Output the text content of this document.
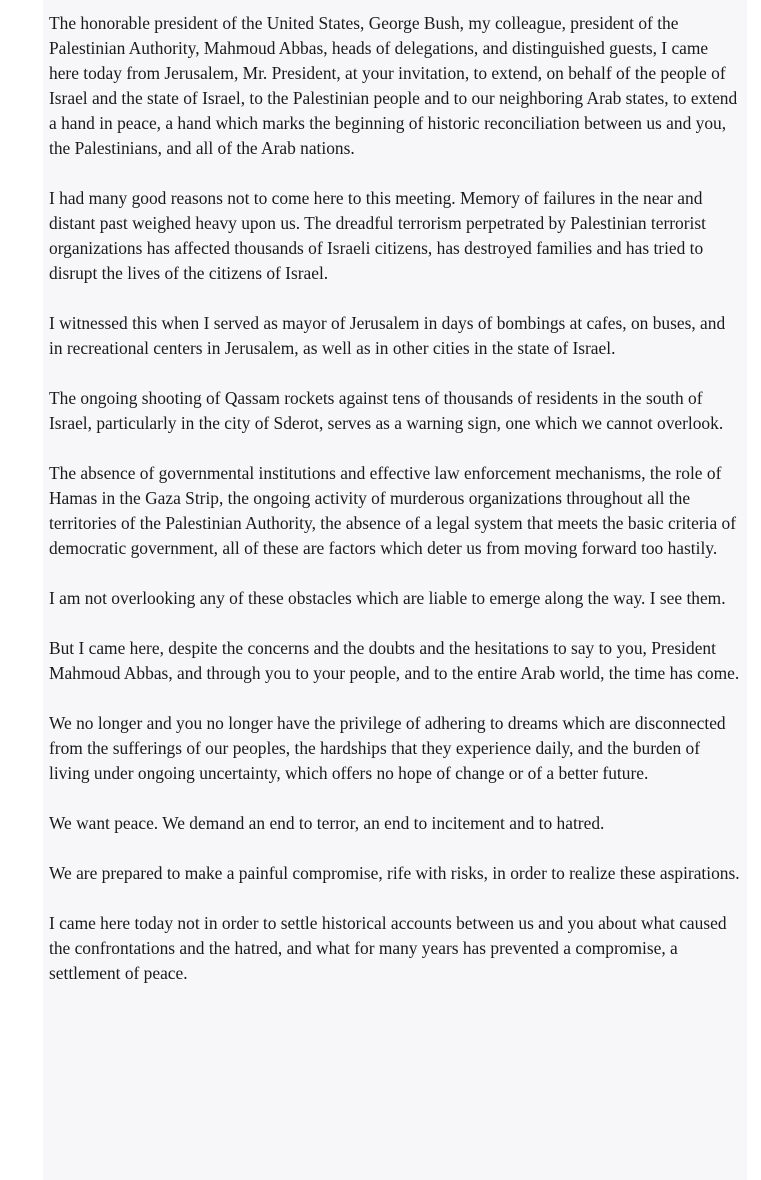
The honorable president of the United States, George Bush, my colleague, president of the Palestinian Authority, Mahmoud Abbas, heads of delegations, and distinguished guests, I came here today from Jerusalem, Mr. President, at your invitation, to extend, on behalf of the people of Israel and the state of Israel, to the Palestinian people and to our neighboring Arab states, to extend a hand in peace, a hand which marks the beginning of historic reconciliation between us and you, the Palestinians, and all of the Arab nations.

I had many good reasons not to come here to this meeting. Memory of failures in the near and distant past weighed heavy upon us. The dreadful terrorism perpetrated by Palestinian terrorist organizations has affected thousands of Israeli citizens, has destroyed families and has tried to disrupt the lives of the citizens of Israel.

I witnessed this when I served as mayor of Jerusalem in days of bombings at cafes, on buses, and in recreational centers in Jerusalem, as well as in other cities in the state of Israel.

The ongoing shooting of Qassam rockets against tens of thousands of residents in the south of Israel, particularly in the city of Sderot, serves as a warning sign, one which we cannot overlook.

The absence of governmental institutions and effective law enforcement mechanisms, the role of Hamas in the Gaza Strip, the ongoing activity of murderous organizations throughout all the territories of the Palestinian Authority, the absence of a legal system that meets the basic criteria of democratic government, all of these are factors which deter us from moving forward too hastily.

I am not overlooking any of these obstacles which are liable to emerge along the way. I see them.

But I came here, despite the concerns and the doubts and the hesitations to say to you, President Mahmoud Abbas, and through you to your people, and to the entire Arab world, the time has come.

We no longer and you no longer have the privilege of adhering to dreams which are disconnected from the sufferings of our peoples, the hardships that they experience daily, and the burden of living under ongoing uncertainty, which offers no hope of change or of a better future.

We want peace. We demand an end to terror, an end to incitement and to hatred.

We are prepared to make a painful compromise, rife with risks, in order to realize these aspirations.

I came here today not in order to settle historical accounts between us and you about what caused the confrontations and the hatred, and what for many years has prevented a compromise, a settlement of peace.
